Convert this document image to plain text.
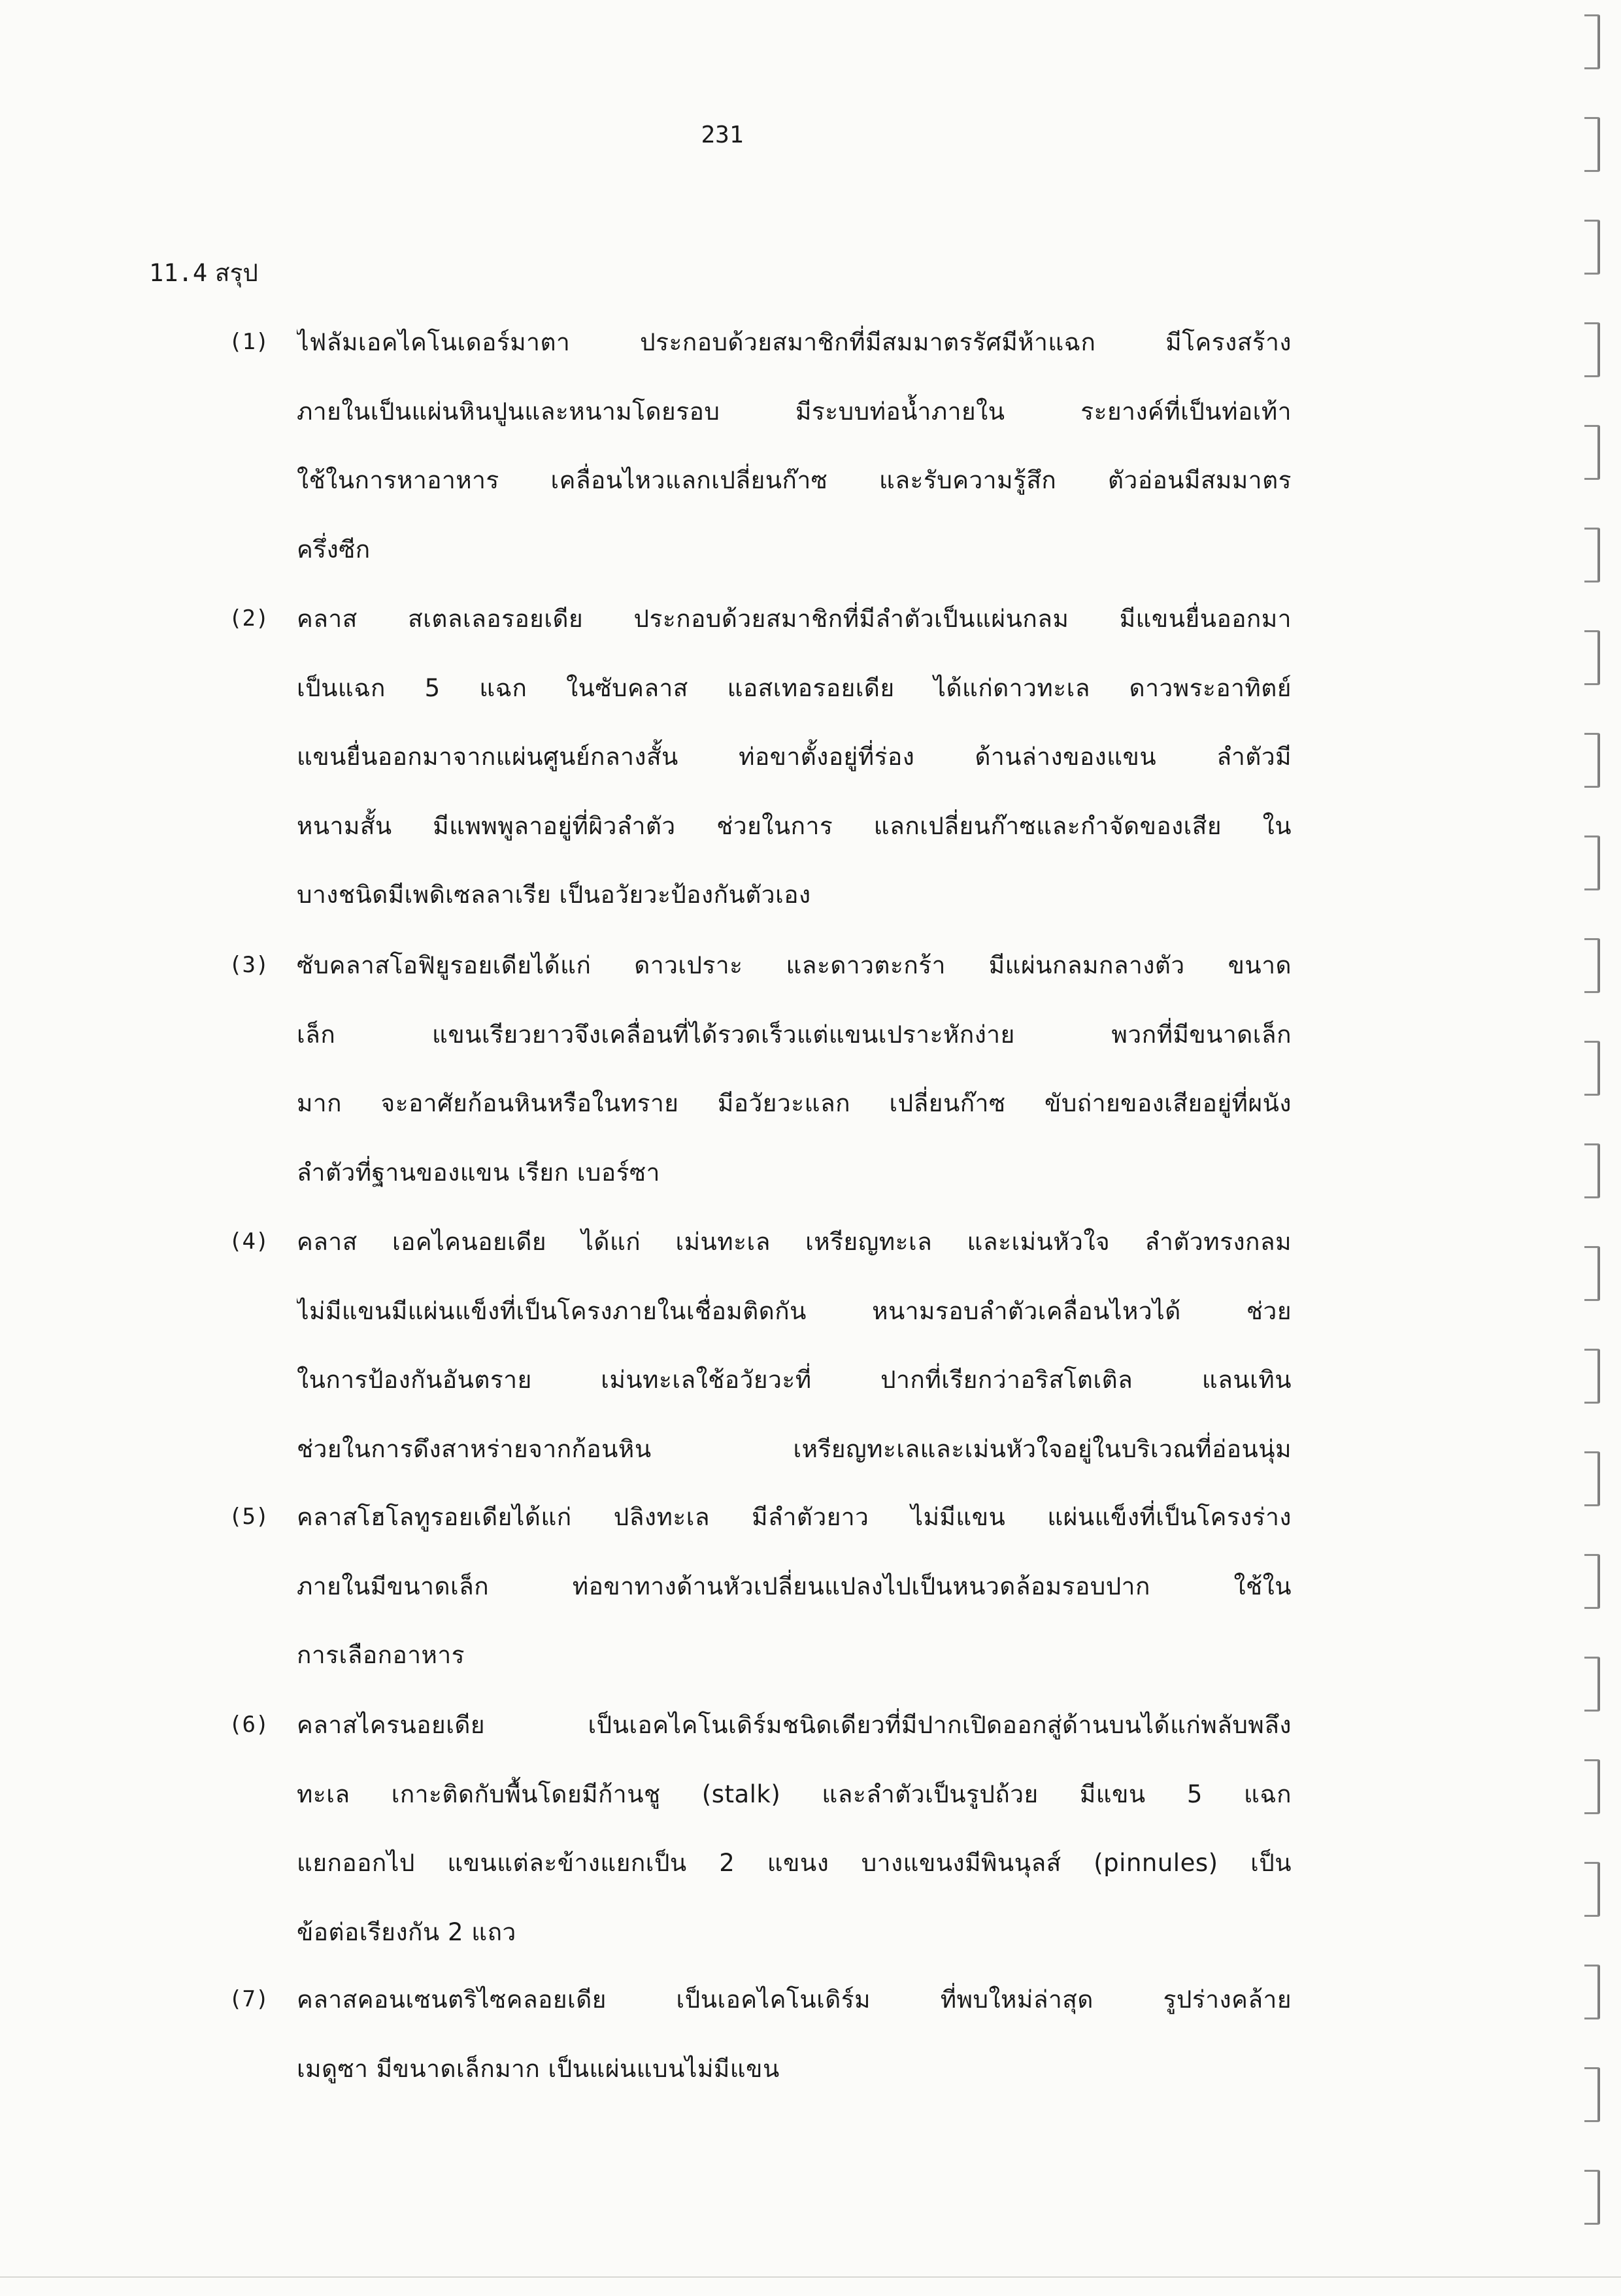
231
11.4 สรุป
(1) ไฟลัมเอคไคโนเดอร์มาตา ประกอบด้วยสมาชิกที่มีสมมาตรรัศมีห้าแฉก มีโครงสร้าง
ภายในเป็นแผ่นหินปูนและหนามโดยรอบ มีระบบท่อน้ำภายใน ระยางค์ที่เป็นท่อเท้า
ใช้ในการหาอาหาร เคลื่อนไหวแลกเปลี่ยนก๊าซ และรับความรู้สึก ตัวอ่อนมีสมมาตร
ครึ่งซีก
(2) คลาส สเตลเลอรอยเดีย ประกอบด้วยสมาชิกที่มีลำตัวเป็นแผ่นกลม มีแขนยื่นออกมา
เป็นแฉก 5 แฉก ในซับคลาส แอสเทอรอยเดีย ได้แก่ดาวทะเล ดาวพระอาทิตย์
แขนยื่นออกมาจากแผ่นศูนย์กลางสั้น ท่อขาตั้งอยู่ที่ร่อง ด้านล่างของแขน ลำตัวมี
หนามสั้น มีแพพพูลาอยู่ที่ผิวลำตัว ช่วยในการ แลกเปลี่ยนก๊าซและกำจัดของเสีย ใน
บางชนิดมีเพดิเซลลาเรีย เป็นอวัยวะป้องกันตัวเอง
(3) ซับคลาสโอฟิยูรอยเดียได้แก่ ดาวเปราะ และดาวตะกร้า มีแผ่นกลมกลางตัว ขนาด
เล็ก แขนเรียวยาวจึงเคลื่อนที่ได้รวดเร็วแต่แขนเปราะหักง่าย พวกที่มีขนาดเล็ก
มาก จะอาศัยก้อนหินหรือในทราย มีอวัยวะแลก เปลี่ยนก๊าซ ขับถ่ายของเสียอยู่ที่ผนัง
ลำตัวที่ฐานของแขน เรียก เบอร์ซา
(4) คลาส เอคไคนอยเดีย ได้แก่ เม่นทะเล เหรียญทะเล และเม่นหัวใจ ลำตัวทรงกลม
ไม่มีแขนมีแผ่นแข็งที่เป็นโครงภายในเชื่อมติดกัน หนามรอบลำตัวเคลื่อนไหวได้ ช่วย
ในการป้องกันอันตราย เม่นทะเลใช้อวัยวะที่ ปากที่เรียกว่าอริสโตเติล แลนเทิน
ช่วยในการดึงสาหร่ายจากก้อนหิน เหรียญทะเลและเม่นหัวใจอยู่ในบริเวณที่อ่อนนุ่ม
(5) คลาสโฮโลทูรอยเดียได้แก่ ปลิงทะเล มีลำตัวยาว ไม่มีแขน แผ่นแข็งที่เป็นโครงร่าง
ภายในมีขนาดเล็ก ท่อขาทางด้านหัวเปลี่ยนแปลงไปเป็นหนวดล้อมรอบปาก ใช้ใน
การเลือกอาหาร
(6) คลาสไครนอยเดีย เป็นเอคไคโนเดิร์มชนิดเดียวที่มีปากเปิดออกสู่ด้านบนได้แก่พลับพลึง
ทะเล เกาะติดกับพื้นโดยมีก้านชู (stalk) และลำตัวเป็นรูปถ้วย มีแขน 5 แฉก
แยกออกไป แขนแต่ละข้างแยกเป็น 2 แขนง บางแขนงมีพินนุลส์ (pinnules) เป็น
ข้อต่อเรียงกัน 2 แถว
(7) คลาสคอนเซนตริไซคลอยเดีย เป็นเอคไคโนเดิร์ม ที่พบใหม่ล่าสุด รูปร่างคล้าย
เมดูซา มีขนาดเล็กมาก เป็นแผ่นแบนไม่มีแขน
